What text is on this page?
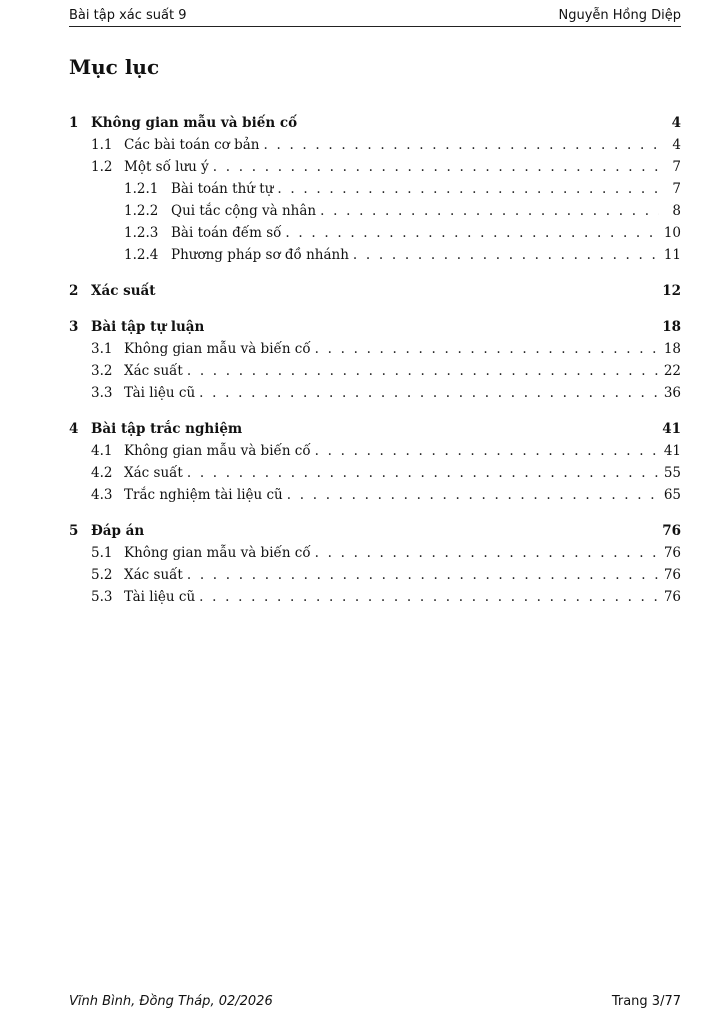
Bài tập xác suất 9	Nguyễn Hồng Diệp
Mục lục
1 Không gian mẫu và biến cố	4
1.1 Các bài toán cơ bản . . .	4
1.2 Một số lưu ý . . .	7
1.2.1 Bài toán thứ tự . . .	7
1.2.2 Qui tắc cộng và nhân . . .	8
1.2.3 Bài toán đếm số . . .	10
1.2.4 Phương pháp sơ đồ nhánh . . .	11
2 Xác suất	12
3 Bài tập tự luận	18
3.1 Không gian mẫu và biến cố . . .	18
3.2 Xác suất . . .	22
3.3 Tài liệu cũ . . .	36
4 Bài tập trắc nghiệm	41
4.1 Không gian mẫu và biến cố . . .	41
4.2 Xác suất . . .	55
4.3 Trắc nghiệm tài liệu cũ . . .	65
5 Đáp án	76
5.1 Không gian mẫu và biến cố . . .	76
5.2 Xác suất . . .	76
5.3 Tài liệu cũ . . .	76
Vĩnh Bình, Đồng Tháp, 02/2026	Trang 3/77
